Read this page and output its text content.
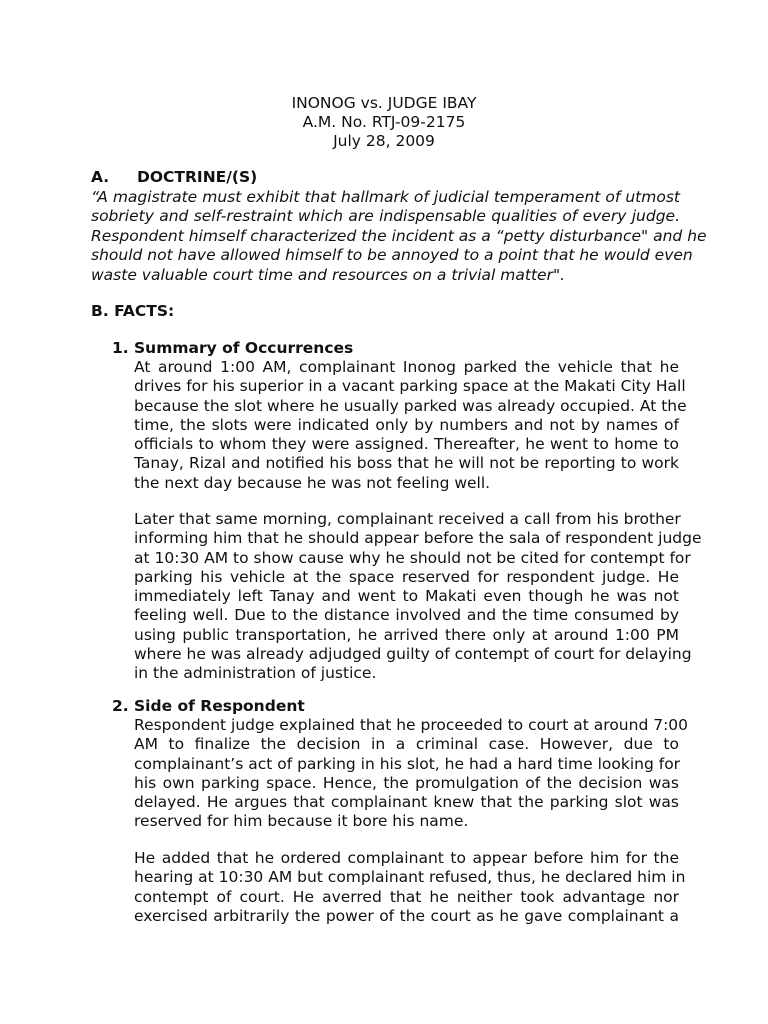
INONOG vs. JUDGE IBAY
A.M. No. RTJ-09-2175
July 28, 2009
A. DOCTRINE/(S)

“A magistrate must exhibit that hallmark of judicial temperament of utmost
sobriety and self-restraint which are indispensable qualities of every judge.
Respondent himself characterized the incident as a “petty disturbance" and he
should not have allowed himself to be annoyed to a point that he would even
waste valuable court time and resources on a trivial matter".

B. FACTS:
1. Summary of Occurrences

At around 1:00 AM, complainant Inonog parked the vehicle that he
drives for his superior in a vacant parking space at the Makati City Hall
because the slot where he usually parked was already occupied. At the
time, the slots were indicated only by numbers and not by names of
officials to whom they were assigned. Thereafter, he went to home to
Tanay, Rizal and notified his boss that he will not be reporting to work
the next day because he was not feeling well.

Later that same morning, complainant received a call from his brother
informing him that he should appear before the sala of respondent judge
at 10:30 AM to show cause why he should not be cited for contempt for
parking his vehicle at the space reserved for respondent judge. He
immediately left Tanay and went to Makati even though he was not
feeling well. Due to the distance involved and the time consumed by
using public transportation, he arrived there only at around 1:00 PM
where he was already adjudged guilty of contempt of court for delaying
in the administration of justice.

2. Side of Respondent

Respondent judge explained that he proceeded to court at around 7:00
AM to finalize the decision in a criminal case. However, due to
complainant’s act of parking in his slot, he had a hard time looking for
his own parking space. Hence, the promulgation of the decision was
delayed. He argues that complainant knew that the parking slot was
reserved for him because it bore his name.

He added that he ordered complainant to appear before him for the
hearing at 10:30 AM but complainant refused, thus, he declared him in
contempt of court. He averred that he neither took advantage nor
exercised arbitrarily the power of the court as he gave complainant a
